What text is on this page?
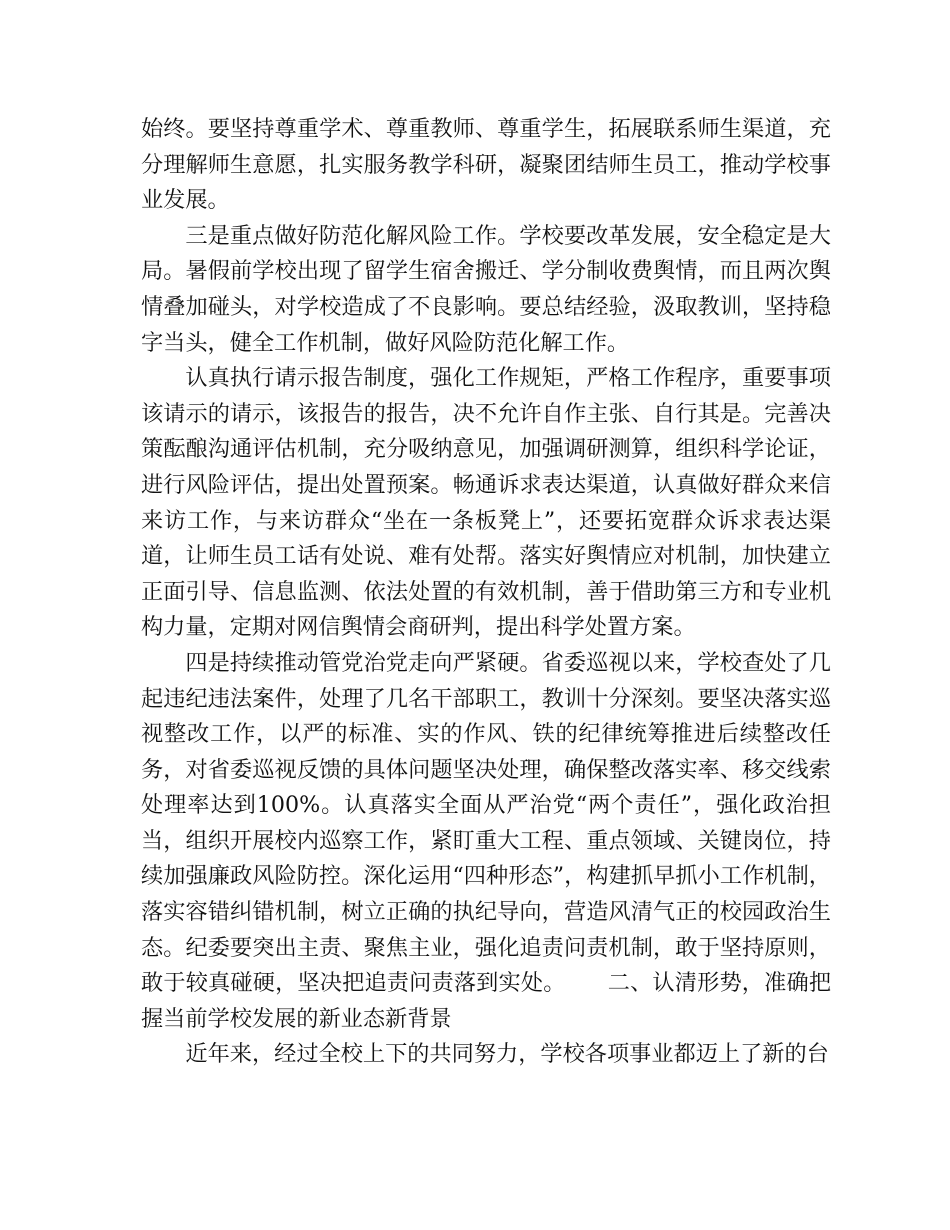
始终。要坚持尊重学术、尊重教师、尊重学生，拓展联系师生渠道，充分理解师生意愿，扎实服务教学科研，凝聚团结师生员工，推动学校事业发展。

三是重点做好防范化解风险工作。学校要改革发展，安全稳定是大局。暑假前学校出现了留学生宿舍搬迁、学分制收费舆情，而且两次舆情叠加碰头，对学校造成了不良影响。要总结经验，汲取教训，坚持稳字当头，健全工作机制，做好风险防范化解工作。

认真执行请示报告制度，强化工作规矩，严格工作程序，重要事项该请示的请示，该报告的报告，决不允许自作主张、自行其是。完善决策酝酿沟通评估机制，充分吸纳意见，加强调研测算，组织科学论证，进行风险评估，提出处置预案。畅通诉求表达渠道，认真做好群众来信来访工作，与来访群众“坐在一条板凳上”，还要拓宽群众诉求表达渠道，让师生员工话有处说、难有处帮。落实好舆情应对机制，加快建立正面引导、信息监测、依法处置的有效机制，善于借助第三方和专业机构力量，定期对网信舆情会商研判，提出科学处置方案。

四是持续推动管党治党走向严紧硬。省委巡视以来，学校查处了几起违纪违法案件，处理了几名干部职工，教训十分深刻。要坚决落实巡视整改工作，以严的标准、实的作风、铁的纪律统筹推进后续整改任务，对省委巡视反馈的具体问题坚决处理，确保整改落实率、移交线索处理率达到100%。认真落实全面从严治党“两个责任”，强化政治担当，组织开展校内巡察工作，紧盯重大工程、重点领域、关键岗位，持续加强廉政风险防控。深化运用“四种形态”，构建抓早抓小工作机制，落实容错纠错机制，树立正确的执纪导向，营造风清气正的校园政治生态。纪委要突出主责、聚焦主业，强化追责问责机制，敢于坚持原则，敢于较真碰硬，坚决把追责问责落到实处。 二、认清形势，准确把握当前学校发展的新业态新背景

近年来，经过全校上下的共同努力，学校各项事业都迈上了新的台
